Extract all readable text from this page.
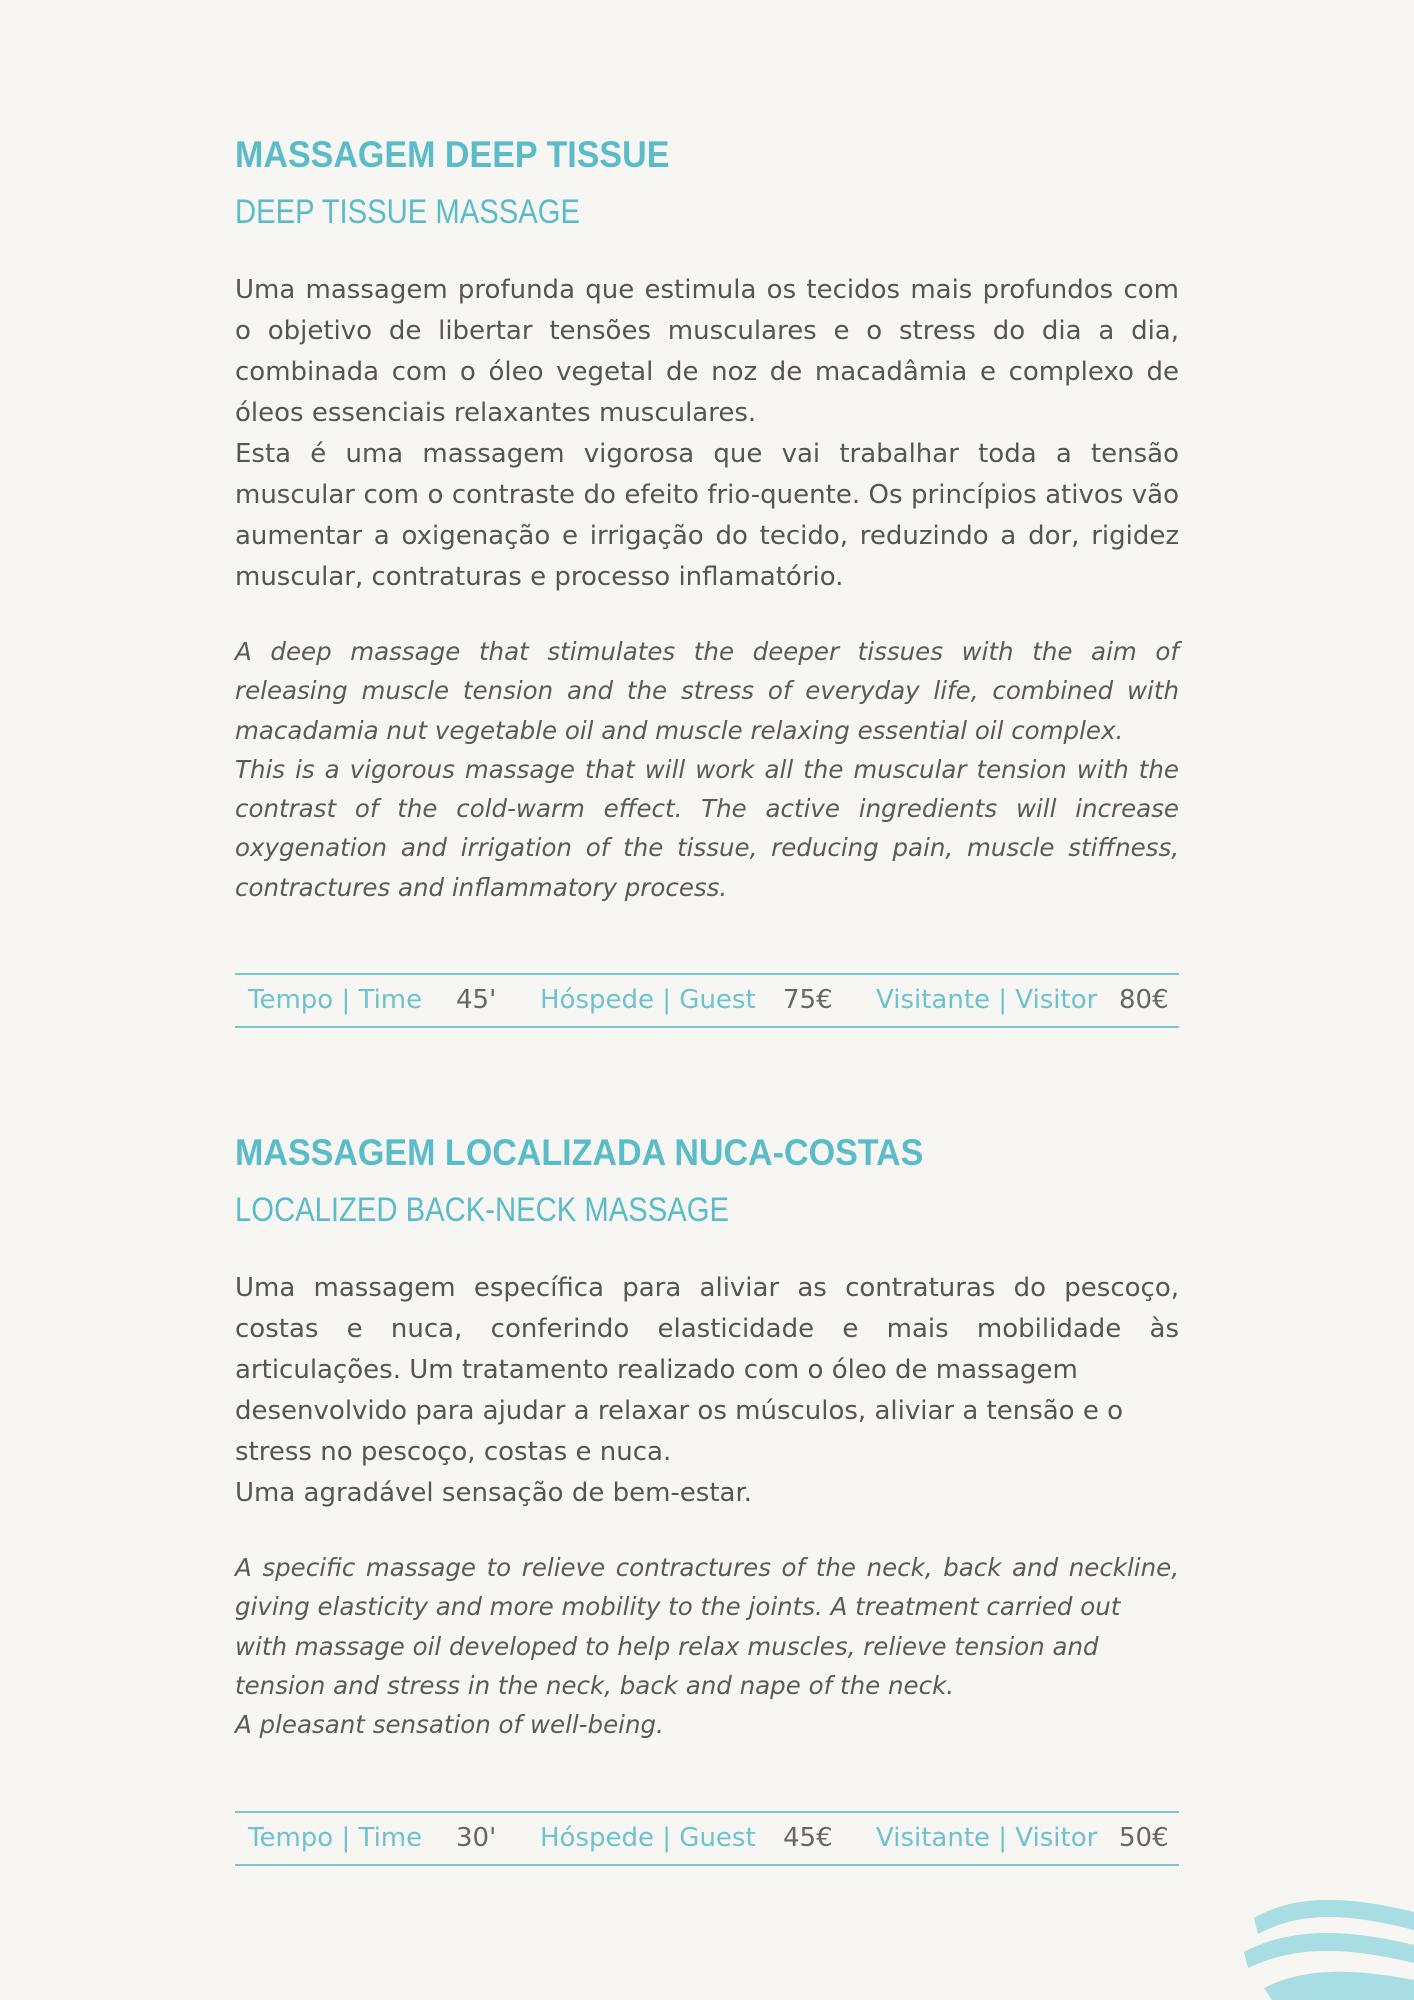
MASSAGEM DEEP TISSUE
DEEP TISSUE MASSAGE

Uma massagem profunda que estimula os tecidos mais profundos com o objetivo de libertar tensões musculares e o stress do dia a dia, combinada com o óleo vegetal de noz de macadâmia e complexo de óleos essenciais relaxantes musculares.

Esta é uma massagem vigorosa que vai trabalhar toda a tensão muscular com o contraste do efeito frio-quente. Os princípios ativos vão aumentar a oxigenação e irrigação do tecido, reduzindo a dor, rigidez muscular, contraturas e processo inflamatório.

A deep massage that stimulates the deeper tissues with the aim of releasing muscle tension and the stress of everyday life, combined with macadamia nut vegetable oil and muscle relaxing essential oil complex.

This is a vigorous massage that will work all the muscular tension with the contrast of the cold-warm effect. The active ingredients will increase oxygenation and irrigation of the tissue, reducing pain, muscle stiffness, contractures and inflammatory process.

Tempo | Time 45' Hóspede | Guest 75€ Visitante | Visitor 80€
MASSAGEM LOCALIZADA NUCA-COSTAS
LOCALIZED BACK-NECK MASSAGE

Uma massagem específica para aliviar as contraturas do pescoço, costas e nuca, conferindo elasticidade e mais mobilidade às articulações. Um tratamento realizado com o óleo de massagem

desenvolvido para ajudar a relaxar os músculos, aliviar a tensão e o

stress no pescoço, costas e nuca.

Uma agradável sensação de bem-estar.

A specific massage to relieve contractures of the neck, back and neckline, giving elasticity and more mobility to the joints. A treatment carried out

with massage oil developed to help relax muscles, relieve tension and

tension and stress in the neck, back and nape of the neck.

A pleasant sensation of well-being.

Tempo | Time 30' Hóspede | Guest 45€ Visitante | Visitor 50€
